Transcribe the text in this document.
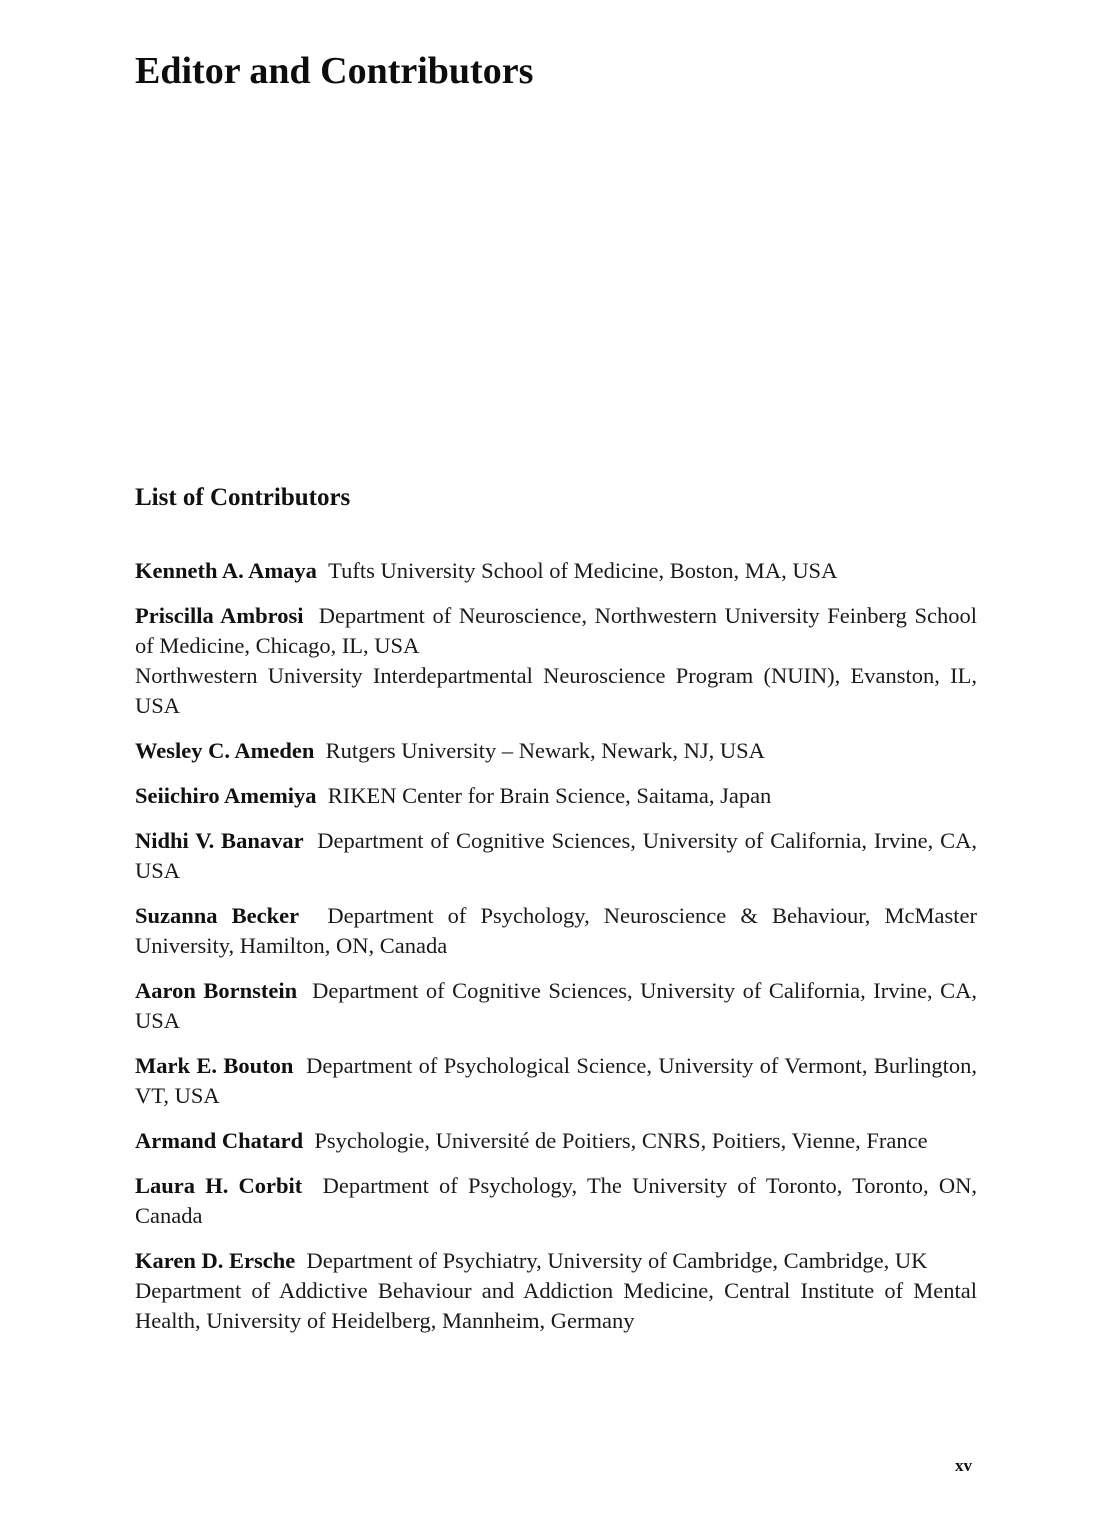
Editor and Contributors
List of Contributors

Kenneth A. Amaya Tufts University School of Medicine, Boston, MA, USA

Priscilla Ambrosi Department of Neuroscience, Northwestern University Feinberg School of Medicine, Chicago, IL, USA
Northwestern University Interdepartmental Neuroscience Program (NUIN), Evanston, IL, USA

Wesley C. Ameden Rutgers University – Newark, Newark, NJ, USA

Seiichiro Amemiya RIKEN Center for Brain Science, Saitama, Japan

Nidhi V. Banavar Department of Cognitive Sciences, University of California, Irvine, CA, USA

Suzanna Becker Department of Psychology, Neuroscience & Behaviour, McMaster University, Hamilton, ON, Canada

Aaron Bornstein Department of Cognitive Sciences, University of California, Irvine, CA, USA

Mark E. Bouton Department of Psychological Science, University of Vermont, Burlington, VT, USA

Armand Chatard Psychologie, Université de Poitiers, CNRS, Poitiers, Vienne, France

Laura H. Corbit Department of Psychology, The University of Toronto, Toronto, ON, Canada

Karen D. Ersche Department of Psychiatry, University of Cambridge, Cambridge, UK
Department of Addictive Behaviour and Addiction Medicine, Central Institute of Mental Health, University of Heidelberg, Mannheim, Germany

xv
